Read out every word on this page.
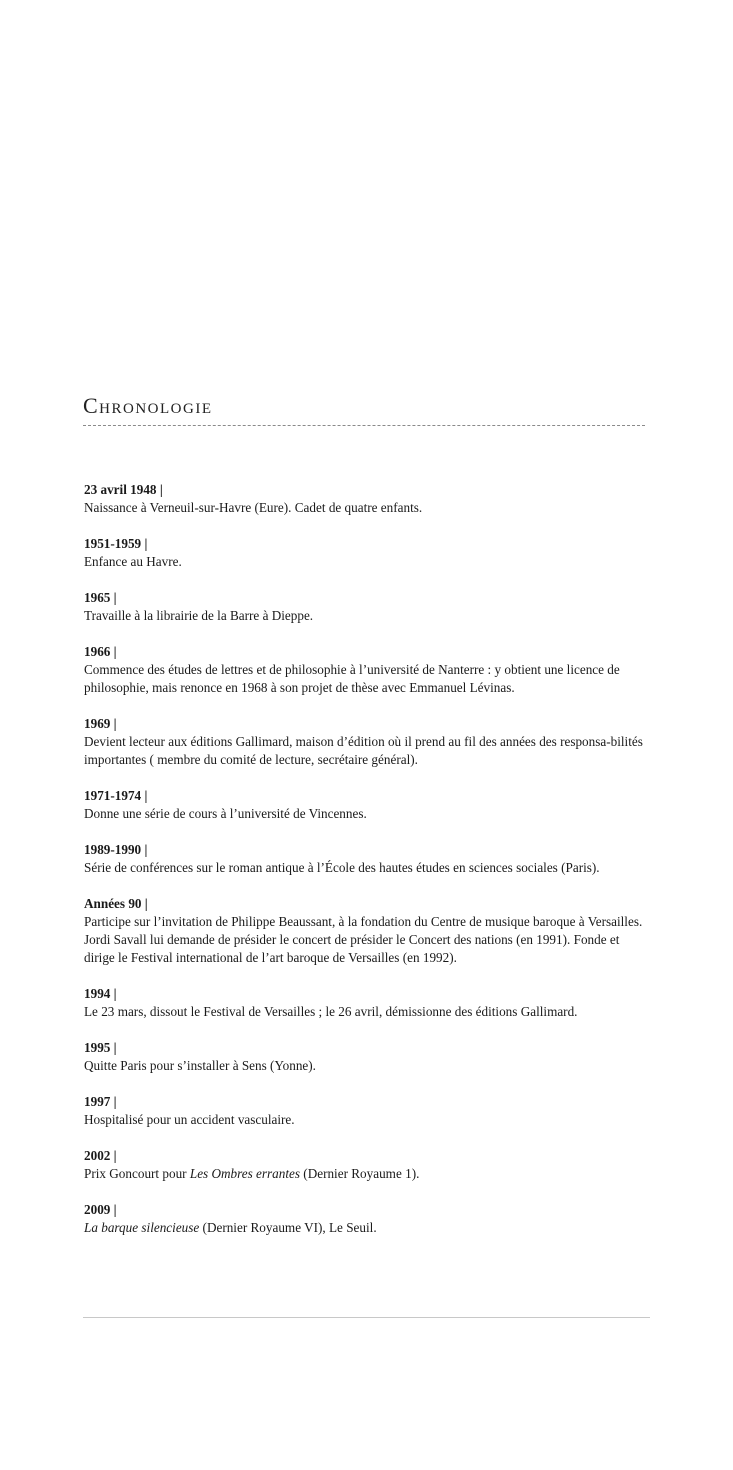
Chronologie
23 avril 1948 |
Naissance à Verneuil-sur-Havre (Eure). Cadet de quatre enfants.
1951-1959 |
Enfance au Havre.
1965 |
Travaille à la librairie de la Barre à Dieppe.
1966 |
Commence des études de lettres et de philosophie à l’université de Nanterre : y obtient une licence de philosophie, mais renonce en 1968 à son projet de thèse avec Emmanuel Lévinas.
1969 |
Devient lecteur aux éditions Gallimard, maison d’édition où il prend au fil des années des responsa-bilités importantes ( membre du comité de lecture, secrétaire général).
1971-1974 |
Donne une série de cours à l’université de Vincennes.
1989-1990 |
Série de conférences sur le roman antique à l’École des hautes études en sciences sociales (Paris).
Années 90 |
Participe sur l’invitation de Philippe Beaussant, à la fondation du Centre de musique baroque à Versailles. Jordi Savall lui demande de présider le concert de présider le Concert des nations (en 1991). Fonde et dirige le Festival international de l’art baroque de Versailles (en 1992).
1994 |
Le 23 mars, dissout le Festival de Versailles ; le 26 avril, démissionne des éditions Gallimard.
1995 |
Quitte Paris pour s’installer à Sens (Yonne).
1997 |
Hospitalisé pour un accident vasculaire.
2002 |
Prix Goncourt pour Les Ombres errantes (Dernier Royaume 1).
2009 |
La barque silencieuse (Dernier Royaume VI), Le Seuil.
